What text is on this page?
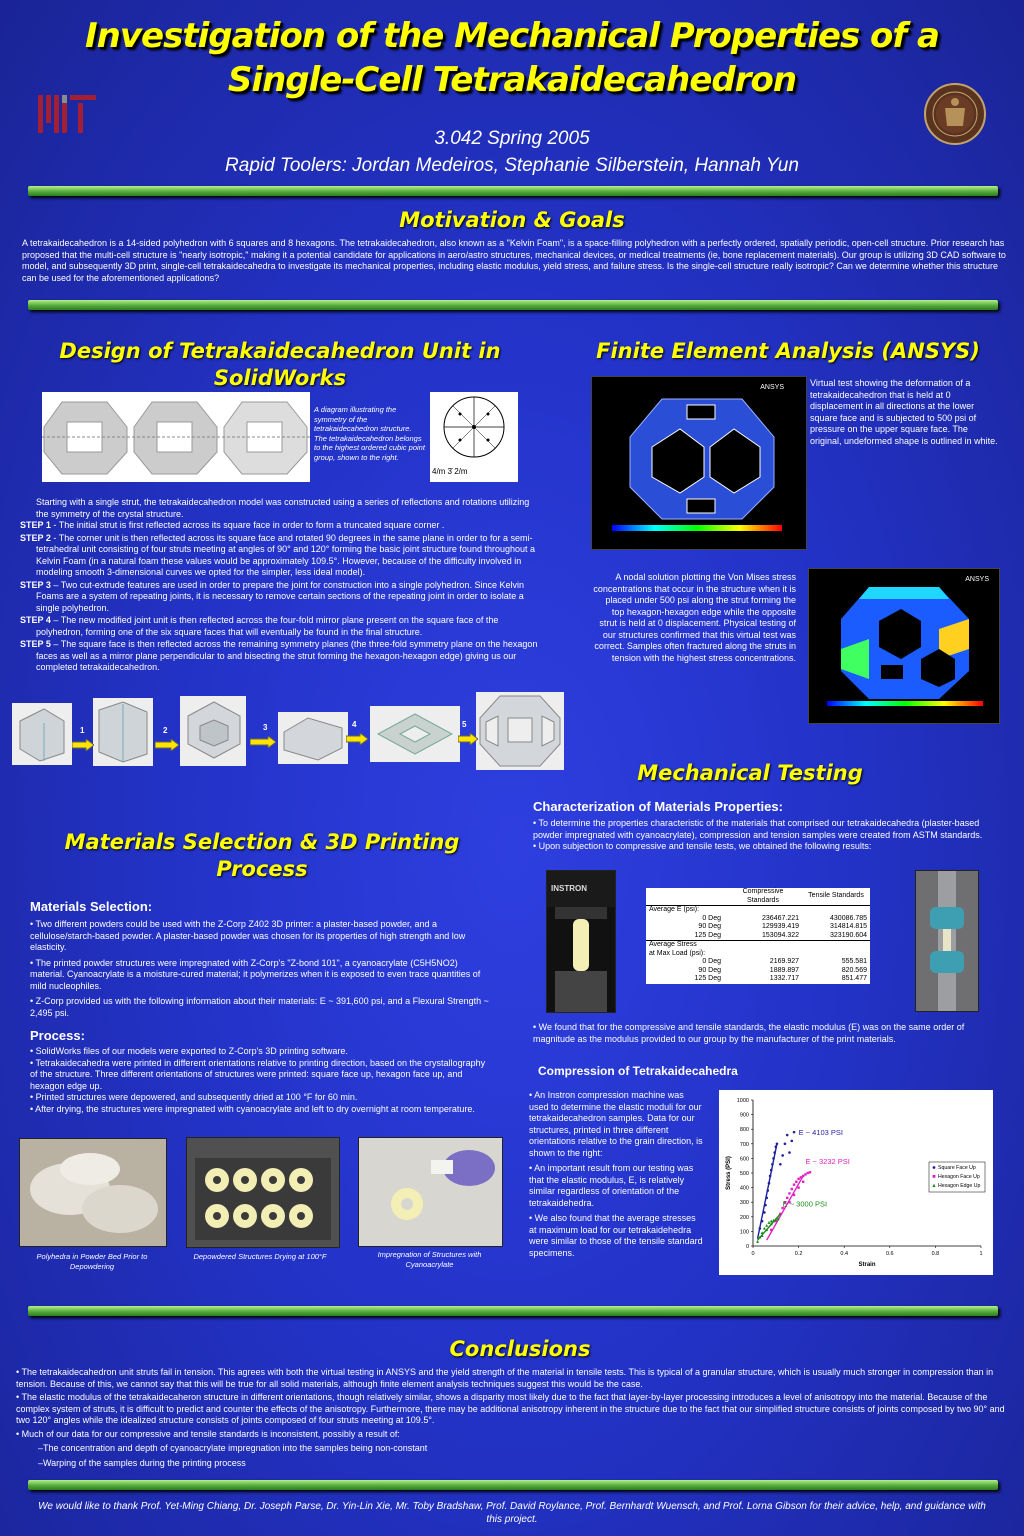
Investigation of the Mechanical Properties of a
Single-Cell Tetrakaidecahedron
3.042 Spring 2005
Rapid Toolers: Jordan Medeiros, Stephanie Silberstein, Hannah Yun
Motivation & Goals
A tetrakaidecahedron is a 14-sided polyhedron with 6 squares and 8 hexagons. The tetrakaidecahedron, also known as a "Kelvin Foam", is a space-filling polyhedron with a perfectly ordered, spatially periodic, open-cell structure. Prior research has proposed that the multi-cell structure is "nearly isotropic," making it a potential candidate for applications in aero/astro structures, mechanical devices, or medical treatments (ie, bone replacement materials). Our group is utilizing 3D CAD software to model, and subsequently 3D print, single-cell tetrakaidecahedra to investigate its mechanical properties, including elastic modulus, yield stress, and failure stress. Is the single-cell structure really isotropic? Can we determine whether this structure can be used for the aforementioned applications?
Design of Tetrakaidecahedron Unit in SolidWorks
A diagram illustrating the symmetry of the tetrakaidecahedron structure. The tetrakaidecahedron belongs to the highest ordered cubic point group, shown to the right.
4/m 3̄ 2/m
Starting with a single strut, the tetrakaidecahedron model was constructed using a series of reflections and rotations utilizing the symmetry of the crystal structure.
STEP 1 - The initial strut is first reflected across its square face in order to form a truncated square corner .
STEP 2 - The corner unit is then reflected across its square face and rotated 90 degrees in the same plane in order to for a semi-tetrahedral unit consisting of four struts meeting at angles of 90° and 120° forming the basic joint structure found throughout a Kelvin Foam (in a natural foam these values would be approximately 109.5°. However, because of the difficulty involved in modeling smooth 3-dimensional curves we opted for the simpler, less ideal model).
STEP 3 – Two cut-extrude features are used in order to prepare the joint for construction into a single polyhedron. Since Kelvin Foams are a system of repeating joints, it is necessary to remove certain sections of the repeating joint in order to isolate a single polyhedron.
STEP 4 – The new modified joint unit is then reflected across the four-fold mirror plane present on the square face of the polyhedron, forming one of the six square faces that will eventually be found in the final structure.
STEP 5 – The square face is then reflected across the remaining symmetry planes (the three-fold symmetry plane on the hexagon faces as well as a mirror plane perpendicular to and bisecting the strut forming the hexagon-hexagon edge) giving us our completed tetrakaidecahedron.
1	2	3	4	5
Finite Element Analysis (ANSYS)
ANSYS	Virtual test showing the deformation of a tetrakaidecahedron that is held at 0 displacement in all directions at the lower square face and is subjected to 500 psi of pressure on the upper square face. The original, undeformed shape is outlined in white.
A nodal solution plotting the Von Mises stress concentrations that occur in the structure when it is placed under 500 psi along the strut forming the top hexagon-hexagon edge while the opposite strut is held at 0 displacement. Physical testing of our structures confirmed that this virtual test was correct. Samples often fractured along the struts in tension with the highest stress concentrations.
ANSYS
Mechanical Testing
Characterization of Materials Properties:
• To determine the properties characteristic of the materials that comprised our tetrakaidecahedra (plaster-based powder impregnated with cyanoacrylate), compression and tension samples were created from ASTM standards.
• Upon subjection to compressive and tensile tests, we obtained the following results:
INSTRON
		Compressive Standards	Tensile Standards
Average E (psi):		
0 Deg	236467.221	430086.785
90 Deg	129939.419	314814.815
125 Deg	153094.322	323190.604
Average Stress		
at Max Load (psi):		
0 Deg	2169.927	555.581
90 Deg	1889.897	820.569
125 Deg	1332.717	851.477
• We found that for the compressive and tensile standards, the elastic modulus (E) was on the same order of magnitude as the modulus provided to our group by the manufacturer of the print materials.
Compression of Tetrakaidecahedra

• An Instron compression machine was used to determine the elastic moduli for our tetrakaidecahedron samples. Data for our structures, printed in three different orientations relative to the grain direction, is shown to the right:

• An important result from our testing was that the elastic modulus, E, is relatively similar regardless of orientation of the tetrakaidehedra.

• We also found that the average stresses at maximum load for our tetrakaidehedra were similar to those of the tensile standard specimens.

0
100
200
300
400
500
600
700
800
900
1000
0	0.2	0.4	0.6	0.8	1
Strain
Stress (PSI)
E ~ 4103 PSI
E ~ 3232 PSI
E ~ 3000 PSI
Square Face Up
Hexagon Face Up
Hexagon Edge Up
Materials Selection & 3D Printing Process
Materials Selection:

• Two different powders could be used with the Z-Corp Z402 3D printer: a plaster-based powder, and a cellulose/starch-based powder. A plaster-based powder was chosen for its properties of high strength and low elasticity.

• The printed powder structures were impregnated with Z-Corp's "Z-bond 101", a cyanoacrylate (C5H5NO2) material. Cyanoacrylate is a moisture-cured material; it polymerizes when it is exposed to even trace quantities of mild nucleophiles.

• Z-Corp provided us with the following information about their materials: E ~ 391,600 psi, and a Flexural Strength ~ 2,495 psi.

Process:
• SolidWorks files of our models were exported to Z-Corp's 3D printing software.
• Tetrakaidecahedra were printed in different orientations relative to printing direction, based on the crystallography of the structure. Three different orientations of structures were printed: square face up, hexagon face up, and hexagon edge up.
• Printed structures were depowered, and subsequently dried at 100 °F for 60 min.
• After drying, the structures were impregnated with cyanoacrylate and left to dry overnight at room temperature.
Polyhedra in Powder Bed Prior to Depowdering
Depowdered Structures Drying at 100°F	Impregnation of Structures with Cyanoacrylate
Conclusions
• The tetrakaidecahedron unit struts fail in tension. This agrees with both the virtual testing in ANSYS and the yield strength of the material in tensile tests. This is typical of a granular structure, which is usually much stronger in compression than in tension. Because of this, we cannot say that this will be true for all solid materials, although finite element analysis techniques suggest this would be the case.
• The elastic modulus of the tetrakaidecaheron structure in different orientations, though relatively similar, shows a disparity most likely due to the fact that layer-by-layer processing introduces a level of anisotropy into the material. Because of the complex system of struts, it is difficult to predict and counter the effects of the anisotropy. Furthermore, there may be additional anisotropy inherent in the structure due to the fact that our simplified structure consists of joints composed by two 90° and two 120° angles while the idealized structure consists of joints composed of four struts meeting at 109.5°.
• Much of our data for our compressive and tensile standards is inconsistent, possibly a result of:
–The concentration and depth of cyanoacrylate impregnation into the samples being non-constant
–Warping of the samples during the printing process
We would like to thank Prof. Yet-Ming Chiang, Dr. Joseph Parse, Dr. Yin-Lin Xie, Mr. Toby Bradshaw, Prof. David Roylance, Prof. Bernhardt Wuensch, and Prof. Lorna Gibson for their advice, help, and guidance with this project.
